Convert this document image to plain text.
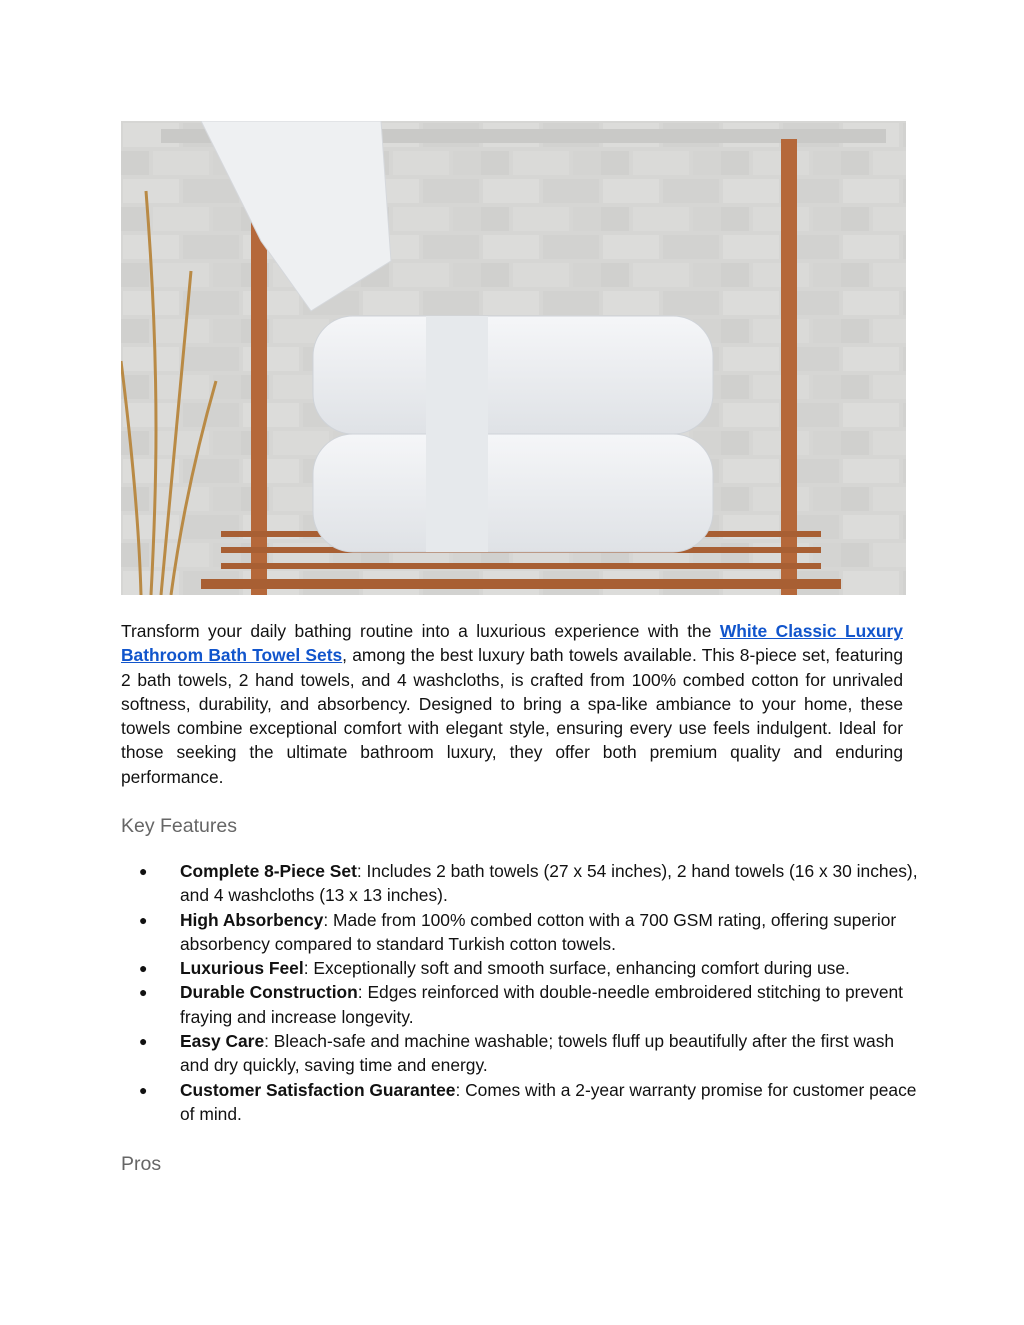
Transform your daily bathing routine into a luxurious experience with the White Classic Luxury Bathroom Bath Towel Sets, among the best luxury bath towels available. This 8-piece set, featuring 2 bath towels, 2 hand towels, and 4 washcloths, is crafted from 100% combed cotton for unrivaled softness, durability, and absorbency. Designed to bring a spa-like ambiance to your home, these towels combine exceptional comfort with elegant style, ensuring every use feels indulgent. Ideal for those seeking the ultimate bathroom luxury, they offer both premium quality and enduring performance.

Key Features
● Complete 8-Piece Set: Includes 2 bath towels (27 x 54 inches), 2 hand towels (16 x 30 inches), and 4 washcloths (13 x 13 inches).
● High Absorbency: Made from 100% combed cotton with a 700 GSM rating, offering superior absorbency compared to standard Turkish cotton towels.
● Luxurious Feel: Exceptionally soft and smooth surface, enhancing comfort during use.
● Durable Construction: Edges reinforced with double-needle embroidered stitching to prevent fraying and increase longevity.
● Easy Care: Bleach-safe and machine washable; towels fluff up beautifully after the first wash and dry quickly, saving time and energy.
● Customer Satisfaction Guarantee: Comes with a 2-year warranty promise for customer peace of mind.
Pros
